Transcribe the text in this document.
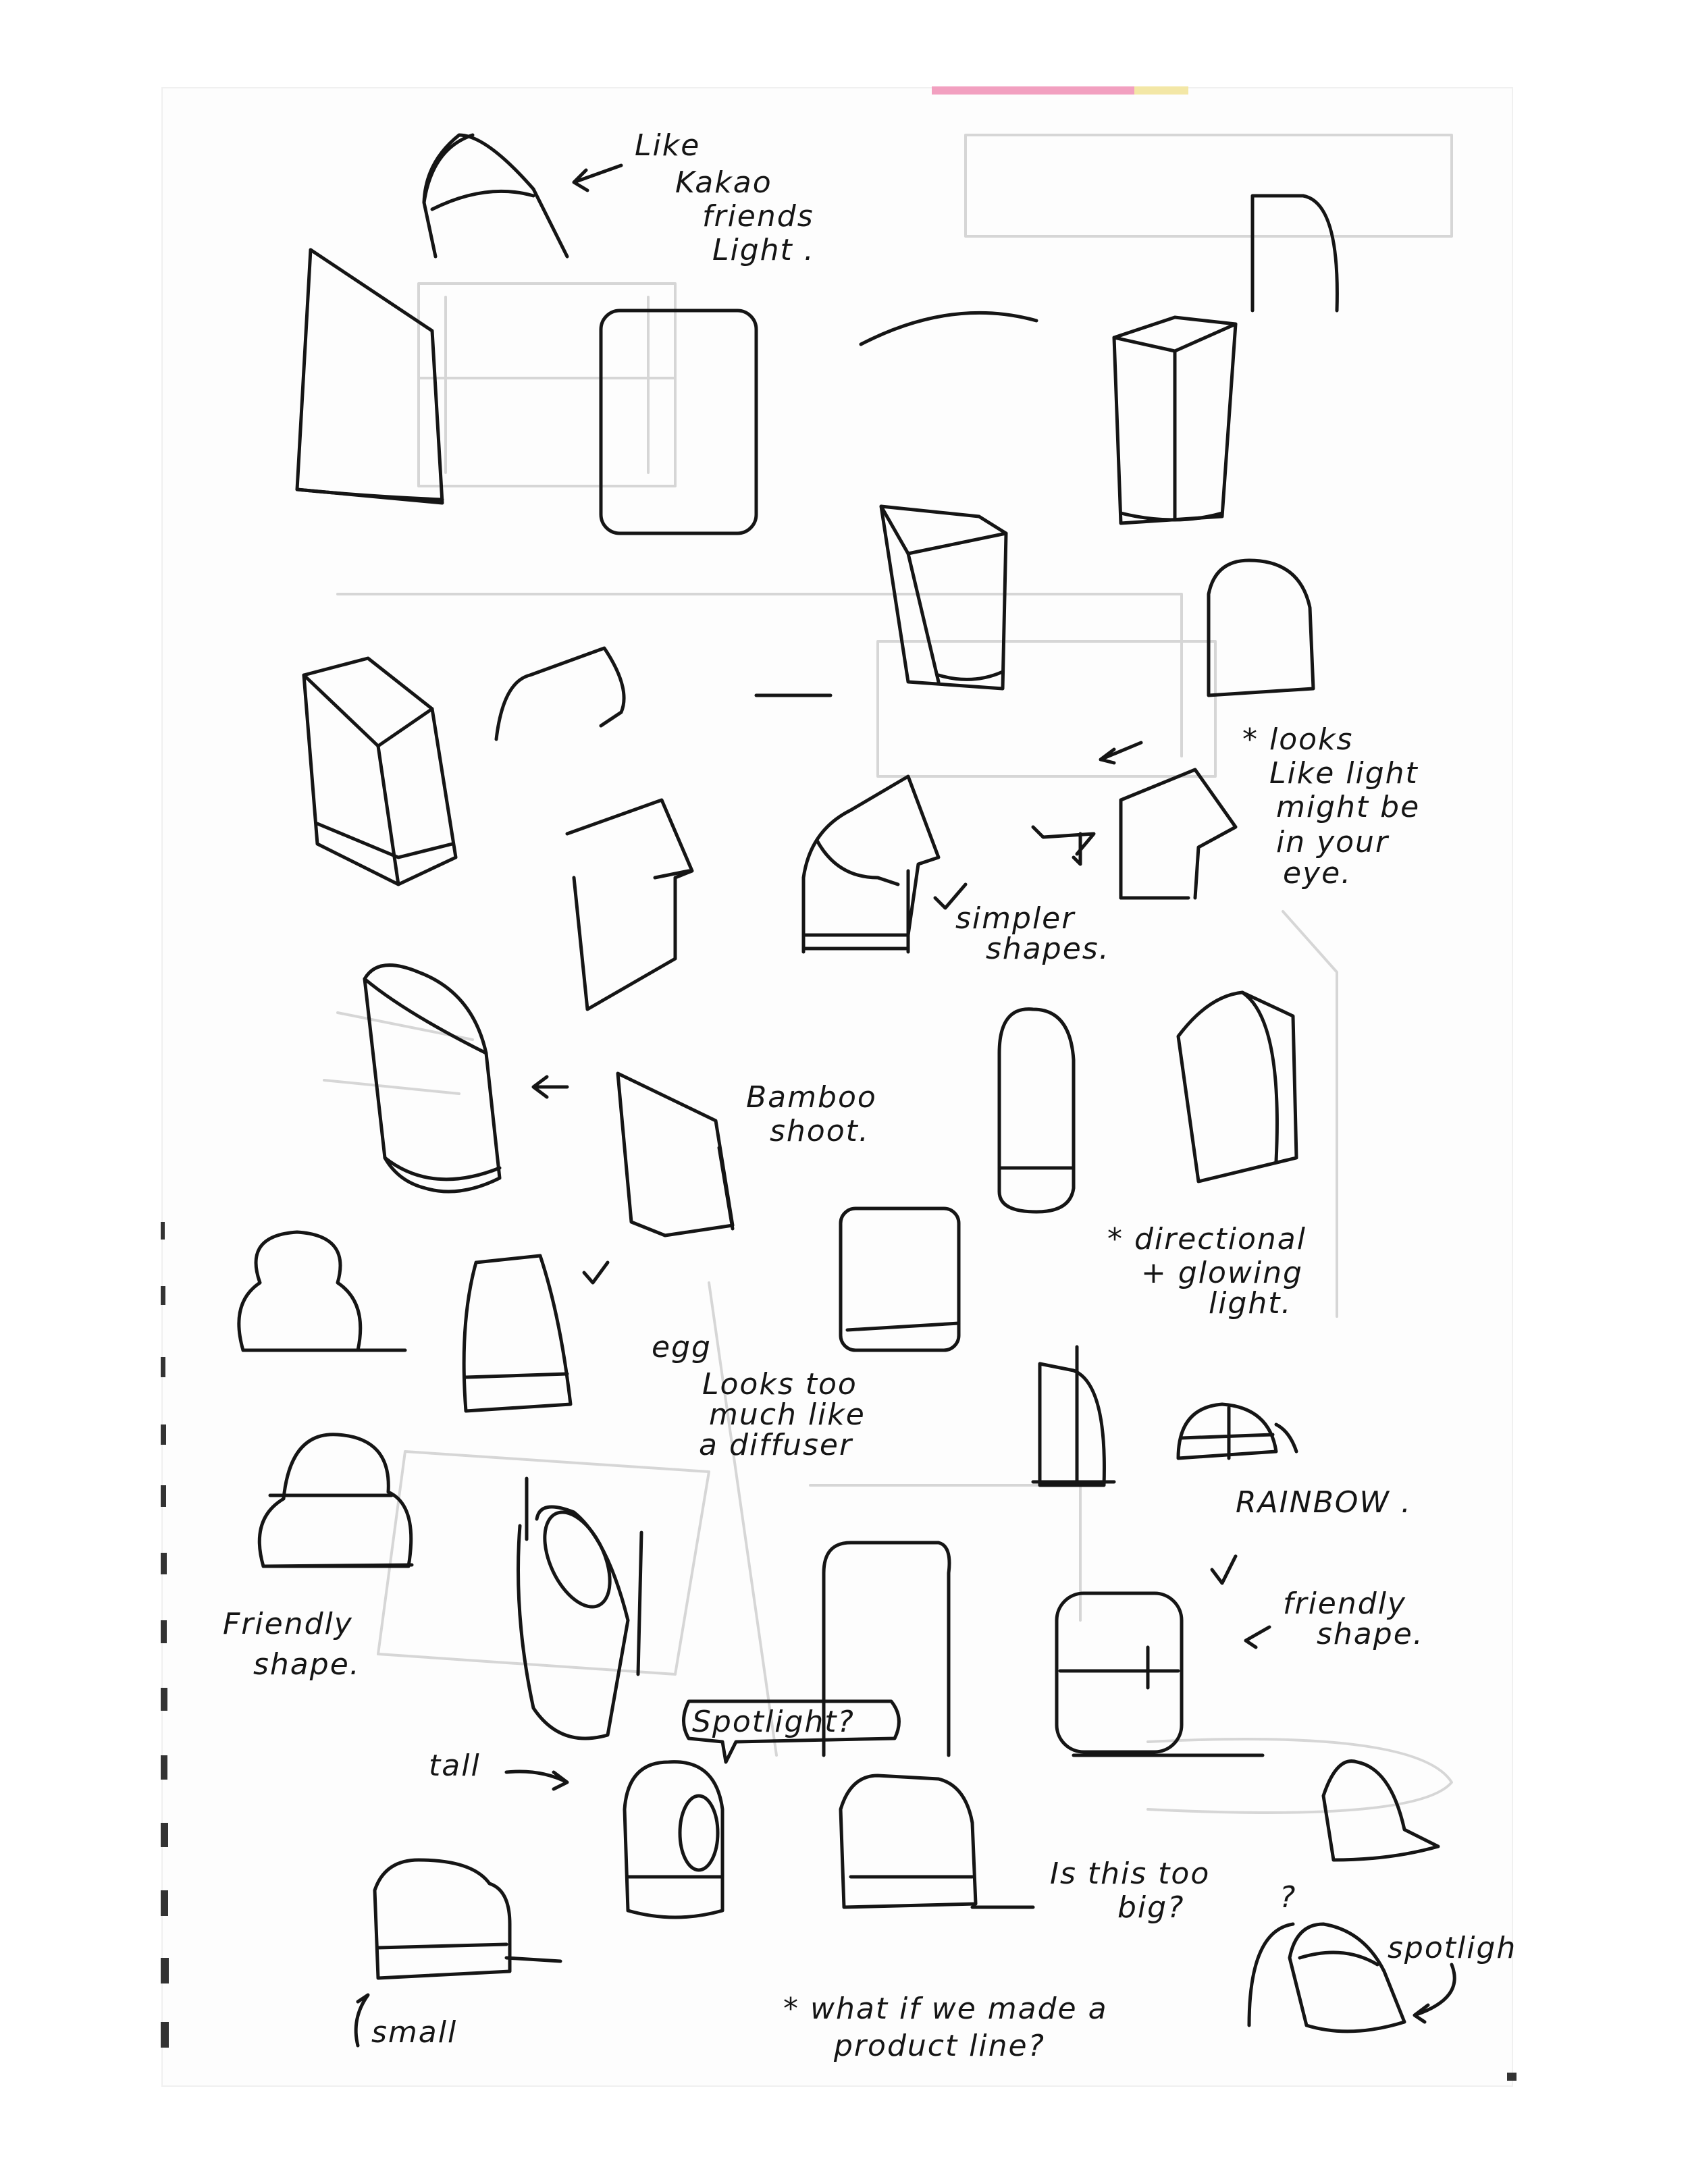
Like Kakao friends Light .
* looks Like light might be in your eye.
simpler shapes.
Bamboo shoot.
egg
Looks too much like a diffuser
* directional + glowing light.
RAINBOW .
Friendly shape.
friendly shape.
Spotlight?
tall
Is this too big?	?
spotligh
small
* what if we made a product line?
